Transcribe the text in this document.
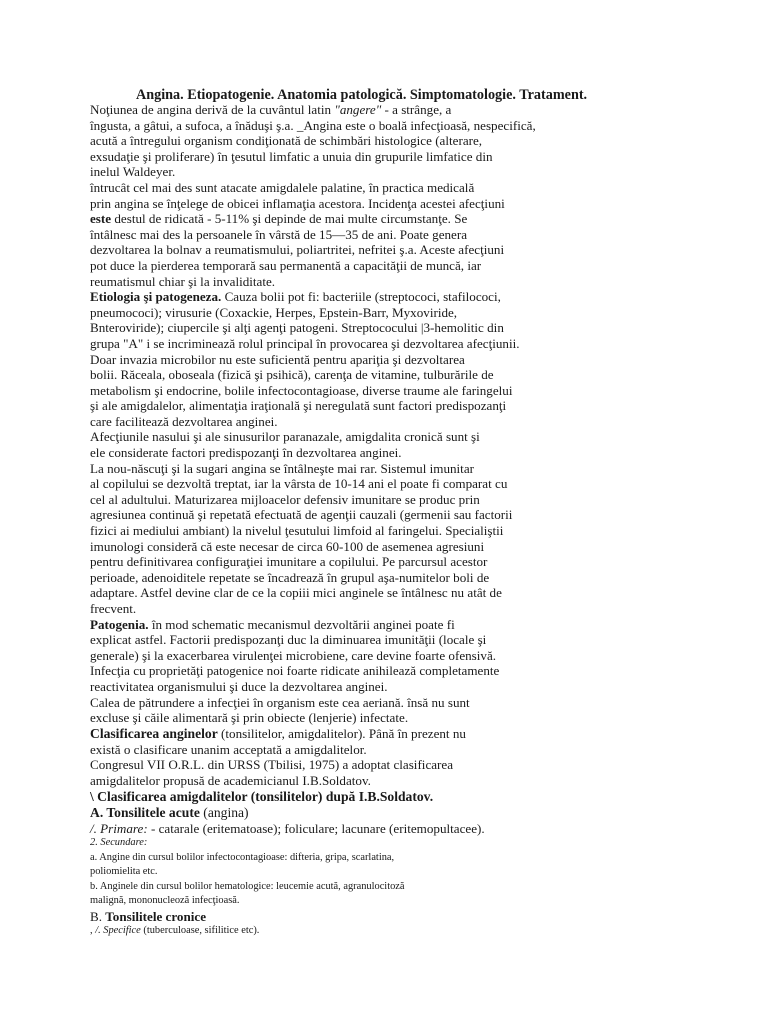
Angina. Etiopatogenie. Anatomia patologică. Simptomatologie. Tratament.
Noţiunea de angina derivă de la cuvântul latin "angere" - a strânge, a
îngusta, a gâtui, a sufoca, a înăduşi ş.a. _Angina este o boală infecţioasă, nespecifică,
acută a întregului organism condiţionată de schimbări histologice (alterare,
exsudaţie şi proliferare) în ţesutul limfatic a unuia din grupurile limfatice din
inelul Waldeyer.
întrucât cel mai des sunt atacate amigdalele palatine, în practica medicală
prin angina se înţelege de obicei inflamaţia acestora. Incidenţa acestei afecţiuni
este destul de ridicată - 5-11% şi depinde de mai multe circumstanţe. Se
întâlnesc mai des la persoanele în vârstă de 15—35 de ani. Poate genera
dezvoltarea la bolnav a reumatismului, poliartritei, nefritei ş.a. Aceste afecţiuni
pot duce la pierderea temporară sau permanentă a capacităţii de muncă, iar
reumatismul chiar şi la invaliditate.
Etiologia şi patogeneza. Cauza bolii pot fi: bacteriile (streptococi, stafilococi,
pneumococi); virusurie (Coxackie, Herpes, Epstein-Barr, Myxoviride,
Bnteroviride); ciupercile şi alţi agenţi patogeni. Streptococului |3-hemolitic din
grupa "A" i se incriminează rolul principal în provocarea şi dezvoltarea afecţiunii.
Doar invazia microbilor nu este suficientă pentru apariţia şi dezvoltarea
bolii. Răceala, oboseala (fizică şi psihică), carenţa de vitamine, tulburările de
metabolism şi endocrine, bolile infectocontagioase, diverse traume ale faringelui
şi ale amigdalelor, alimentaţia iraţională şi neregulată sunt factori predispozanţi
care facilitează dezvoltarea anginei.
Afecţiunile nasului şi ale sinusurilor paranazale, amigdalita cronică sunt şi
ele considerate factori predispozanţi în dezvoltarea anginei.
La nou-născuţi şi la sugari angina se întâlneşte mai rar. Sistemul imunitar
al copilului se dezvoltă treptat, iar la vârsta de 10-14 ani el poate fi comparat cu
cel al adultului. Maturizarea mijloacelor defensiv imunitare se produc prin
agresiunea continuă şi repetată efectuată de agenţii cauzali (germenii sau factorii
fizici ai mediului ambiant) la nivelul ţesutului limfoid al faringelui. Specialiştii
imunologi consideră că este necesar de circa 60-100 de asemenea agresiuni
pentru definitivarea configuraţiei imunitare a copilului. Pe parcursul acestor
perioade, adenoiditele repetate se încadrează în grupul aşa-numitelor boli de
adaptare. Astfel devine clar de ce la copiii mici anginele se întâlnesc nu atât de
frecvent.
Patogenia. în mod schematic mecanismul dezvoltării anginei poate fi
explicat astfel. Factorii predispozanţi duc la diminuarea imunităţii (locale şi
generale) şi la exacerbarea virulenţei microbiene, care devine foarte ofensivă.
Infecţia cu proprietăţi patogenice noi foarte ridicate anihilează completamente
reactivitatea organismului şi duce la dezvoltarea anginei.
Calea de pătrundere a infecţiei în organism este cea aeriană. însă nu sunt
excluse şi căile alimentară şi prin obiecte (lenjerie) infectate.
Clasificarea anginelor (tonsilitelor, amigdalitelor). Până în prezent nu
există o clasificare unanim acceptată a amigdalitelor.
Congresul VII O.R.L. din URSS (Tbilisi, 1975) a adoptat clasificarea
amigdalitelor propusă de academicianul I.B.Soldatov.
\ Clasificarea amigdalitelor (tonsilitelor) după I.B.Soldatov.
A. Tonsilitele acute (angina)
/. Primare: - catarale (eritematoase); foliculare; lacunare (eritemopultacee).
2. Secundare:
a. Angine din cursul bolilor infectocontagioase: difteria, gripa, scarlatina,
poliomielita etc.
b. Anginele din cursul bolilor hematologice: leucemie acută, agranulocitoză
malignă, mononucleoză infecţioasă.
B. Tonsilitele cronice
, /. Specifice (tuberculoase, sifilitice etc).
